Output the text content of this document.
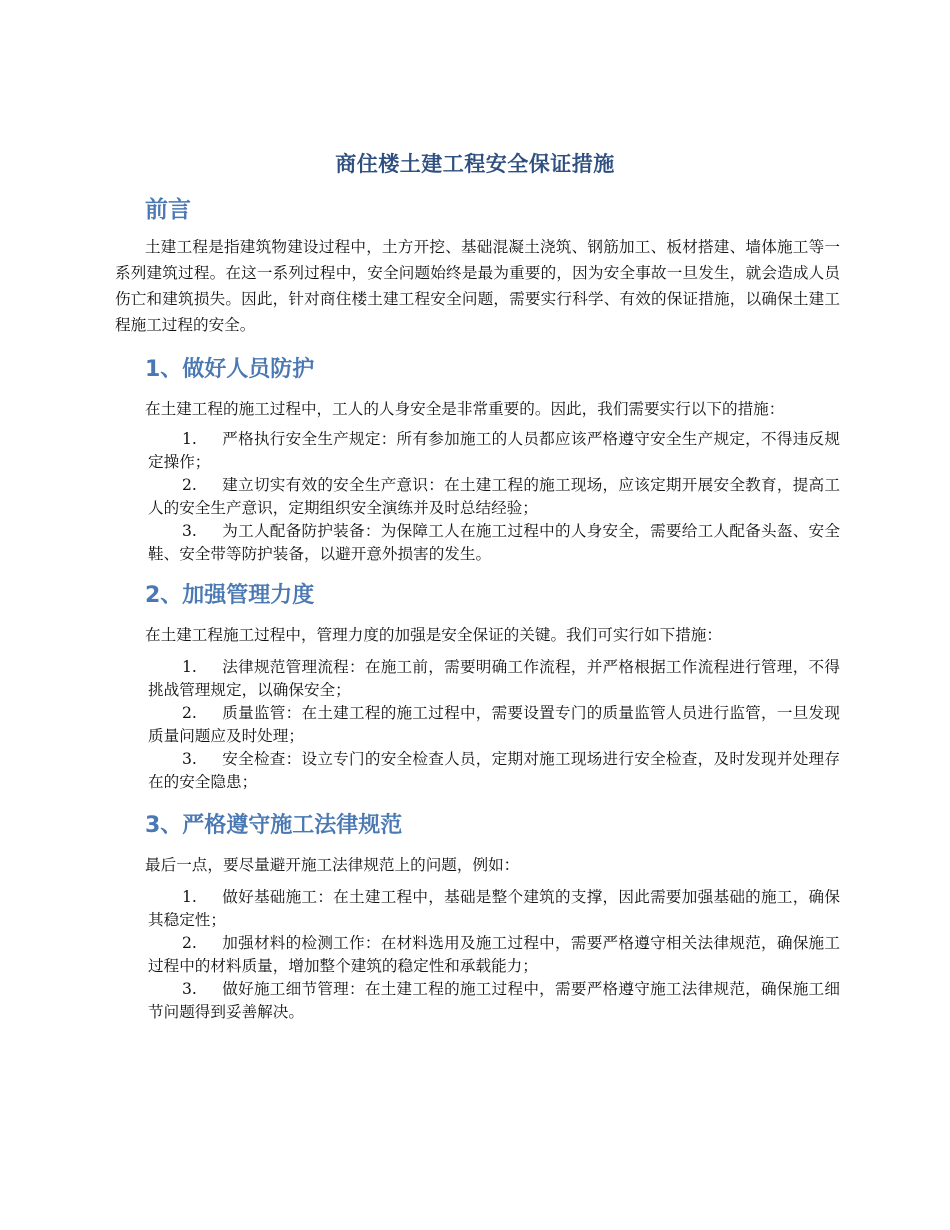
商住楼土建工程安全保证措施
前言

土建工程是指建筑物建设过程中，土方开挖、基础混凝土浇筑、钢筋加工、板材搭建、墙体施工等一系列建筑过程。在这一系列过程中，安全问题始终是最为重要的，因为安全事故一旦发生，就会造成人员伤亡和建筑损失。因此，针对商住楼土建工程安全问题，需要实行科学、有效的保证措施，以确保土建工程施工过程的安全。

1、做好人员防护

在土建工程的施工过程中，工人的人身安全是非常重要的。因此，我们需要实行以下的措施：

1. 严格执行安全生产规定：所有参加施工的人员都应该严格遵守安全生产规定，不得违反规定操作；

2. 建立切实有效的安全生产意识：在土建工程的施工现场，应该定期开展安全教育，提高工人的安全生产意识，定期组织安全演练并及时总结经验；

3. 为工人配备防护装备：为保障工人在施工过程中的人身安全，需要给工人配备头盔、安全鞋、安全带等防护装备，以避开意外损害的发生。

2、加强管理力度

在土建工程施工过程中，管理力度的加强是安全保证的关键。我们可实行如下措施：

1. 法律规范管理流程：在施工前，需要明确工作流程，并严格根据工作流程进行管理，不得挑战管理规定，以确保安全；

2. 质量监管：在土建工程的施工过程中，需要设置专门的质量监管人员进行监管，一旦发现质量问题应及时处理；

3. 安全检查：设立专门的安全检查人员，定期对施工现场进行安全检查，及时发现并处理存在的安全隐患；

3、严格遵守施工法律规范

最后一点，要尽量避开施工法律规范上的问题，例如：

1. 做好基础施工：在土建工程中，基础是整个建筑的支撑，因此需要加强基础的施工，确保其稳定性；

2. 加强材料的检测工作：在材料选用及施工过程中，需要严格遵守相关法律规范，确保施工过程中的材料质量，增加整个建筑的稳定性和承载能力；

3. 做好施工细节管理：在土建工程的施工过程中，需要严格遵守施工法律规范，确保施工细节问题得到妥善解决。
